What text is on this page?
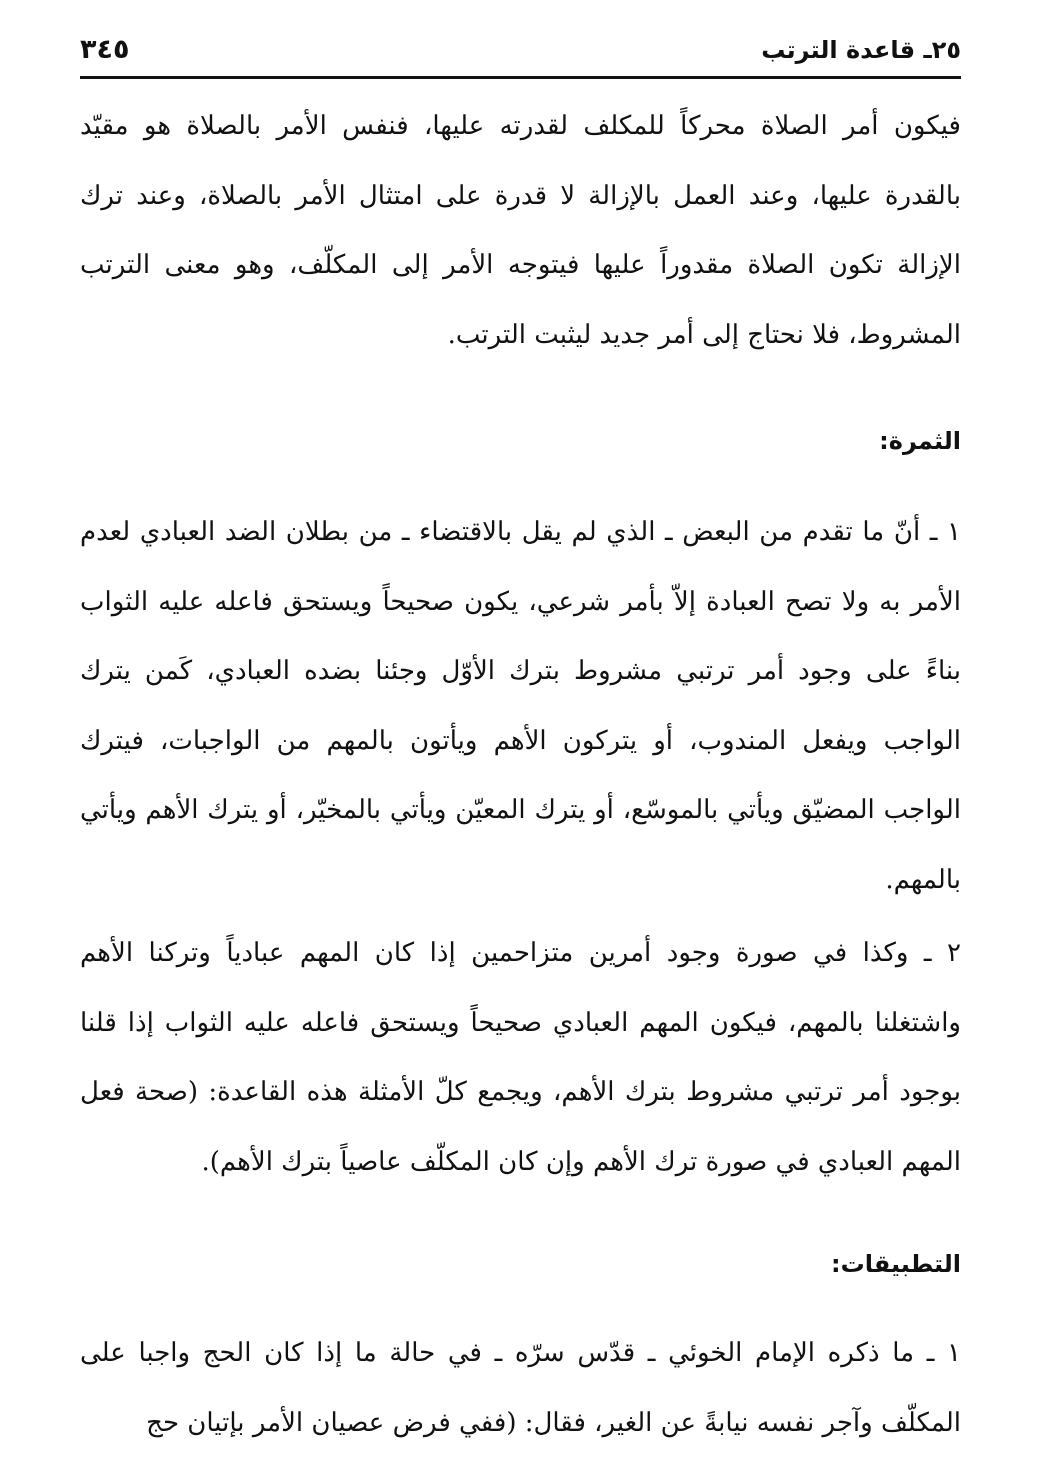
٢٥ـ قاعدة الترتب
٣٤٥

فيكون أمر الصلاة محركاً للمكلف لقدرته عليها، فنفس الأمر بالصلاة هو مقيّد بالقدرة عليها، وعند العمل بالإزالة لا قدرة على امتثال الأمر بالصلاة، وعند ترك الإزالة تكون الصلاة مقدوراً عليها فيتوجه الأمر إلى المكلّف، وهو معنى الترتب المشروط، فلا نحتاج إلى أمر جديد ليثبت الترتب.

الثمرة:

١ ـ أنّ ما تقدم من البعض ـ الذي لم يقل بالاقتضاء ـ من بطلان الضد العبادي لعدم الأمر به ولا تصح العبادة إلاّ بأمر شرعي، يكون صحيحاً ويستحق فاعله عليه الثواب بناءً على وجود أمر ترتبي مشروط بترك الأوّل وجئنا بضده العبادي، كَمن يترك الواجب ويفعل المندوب، أو يتركون الأهم ويأتون بالمهم من الواجبات، فيترك الواجب المضيّق ويأتي بالموسّع، أو يترك المعيّن ويأتي بالمخيّر، أو يترك الأهم ويأتي بالمهم.

٢ ـ وكذا في صورة وجود أمرين متزاحمين إذا كان المهم عبادياً وتركنا الأهم واشتغلنا بالمهم، فيكون المهم العبادي صحيحاً ويستحق فاعله عليه الثواب إذا قلنا بوجود أمر ترتبي مشروط بترك الأهم، ويجمع كلّ الأمثلة هذه القاعدة: (صحة فعل المهم العبادي في صورة ترك الأهم وإن كان المكلّف عاصياً بترك الأهم).

التطبيقات:

١ ـ ما ذكره الإمام الخوئي ـ قدّس سرّه ـ في حالة ما إذا كان الحج واجبا على المكلّف وآجر نفسه نيابةً عن الغير، فقال: (ففي فرض عصيان الأمر بإتيان حج
